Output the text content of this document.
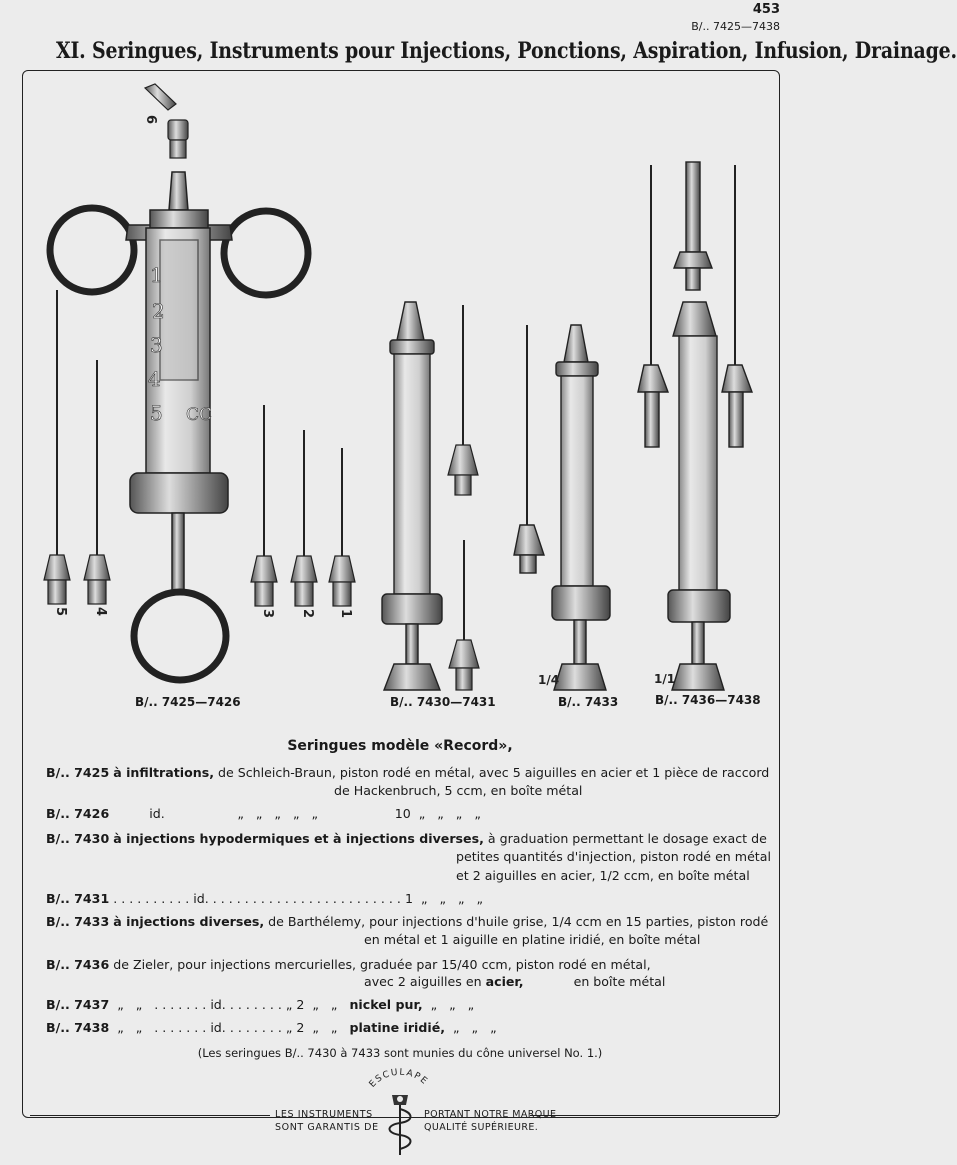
453
B/.. 7425—7438
XI. Seringues, Instruments pour Injections, Ponctions, Aspiration, Infusion, Drainage.
1
2
3
4
5 CC
6
5 4	3 2 1
1/4	1/1
B/.. 7425—7426	B/.. 7430—7431	B/.. 7433	B/.. 7436—7438
Seringues modèle «Record»,
B/.. 7425 à infiltrations, de Schleich-Braun, piston rodé en métal, avec 5 aiguilles en acier et 1 pièce de raccord
de Hackenbruch, 5 ccm, en boîte métal
B/.. 7426	id.	„ „ „ „ „	10 „ „ „ „
B/.. 7430 à injections hypodermiques et à injections diverses, à graduation permettant le dosage exact de
petites quantités d'injection, piston rodé en métal
et 2 aiguilles en acier, 1/2 ccm, en boîte métal
B/.. 7431 . . . . . . . . . . id. . . . . . . . . . . . . . . . . . . . . . . . . 1 „ „ „ „
B/.. 7433 à injections diverses, de Barthélemy, pour injections d'huile grise, 1/4 ccm en 15 parties, piston rodé
en métal et 1 aiguille en platine iridié, en boîte métal
B/.. 7436 de Zieler, pour injections mercurielles, graduée par 15/40 ccm, piston rodé en métal,
avec 2 aiguilles en acier,	en boîte métal
B/.. 7437 „ „ . . . . . . . id. . . . . . . . „ 2 „ „ nickel pur, „ „ „
B/.. 7438 „ „ . . . . . . . id. . . . . . . . „ 2 „ „ platine iridié, „ „ „
(Les seringues B/.. 7430 à 7433 sont munies du cône universel No. 1.)
ESCULAPE
LES INSTRUMENTS
SONT GARANTIS DE
PORTANT NOTRE MARQUE
QUALITÉ SUPÉRIEURE.
